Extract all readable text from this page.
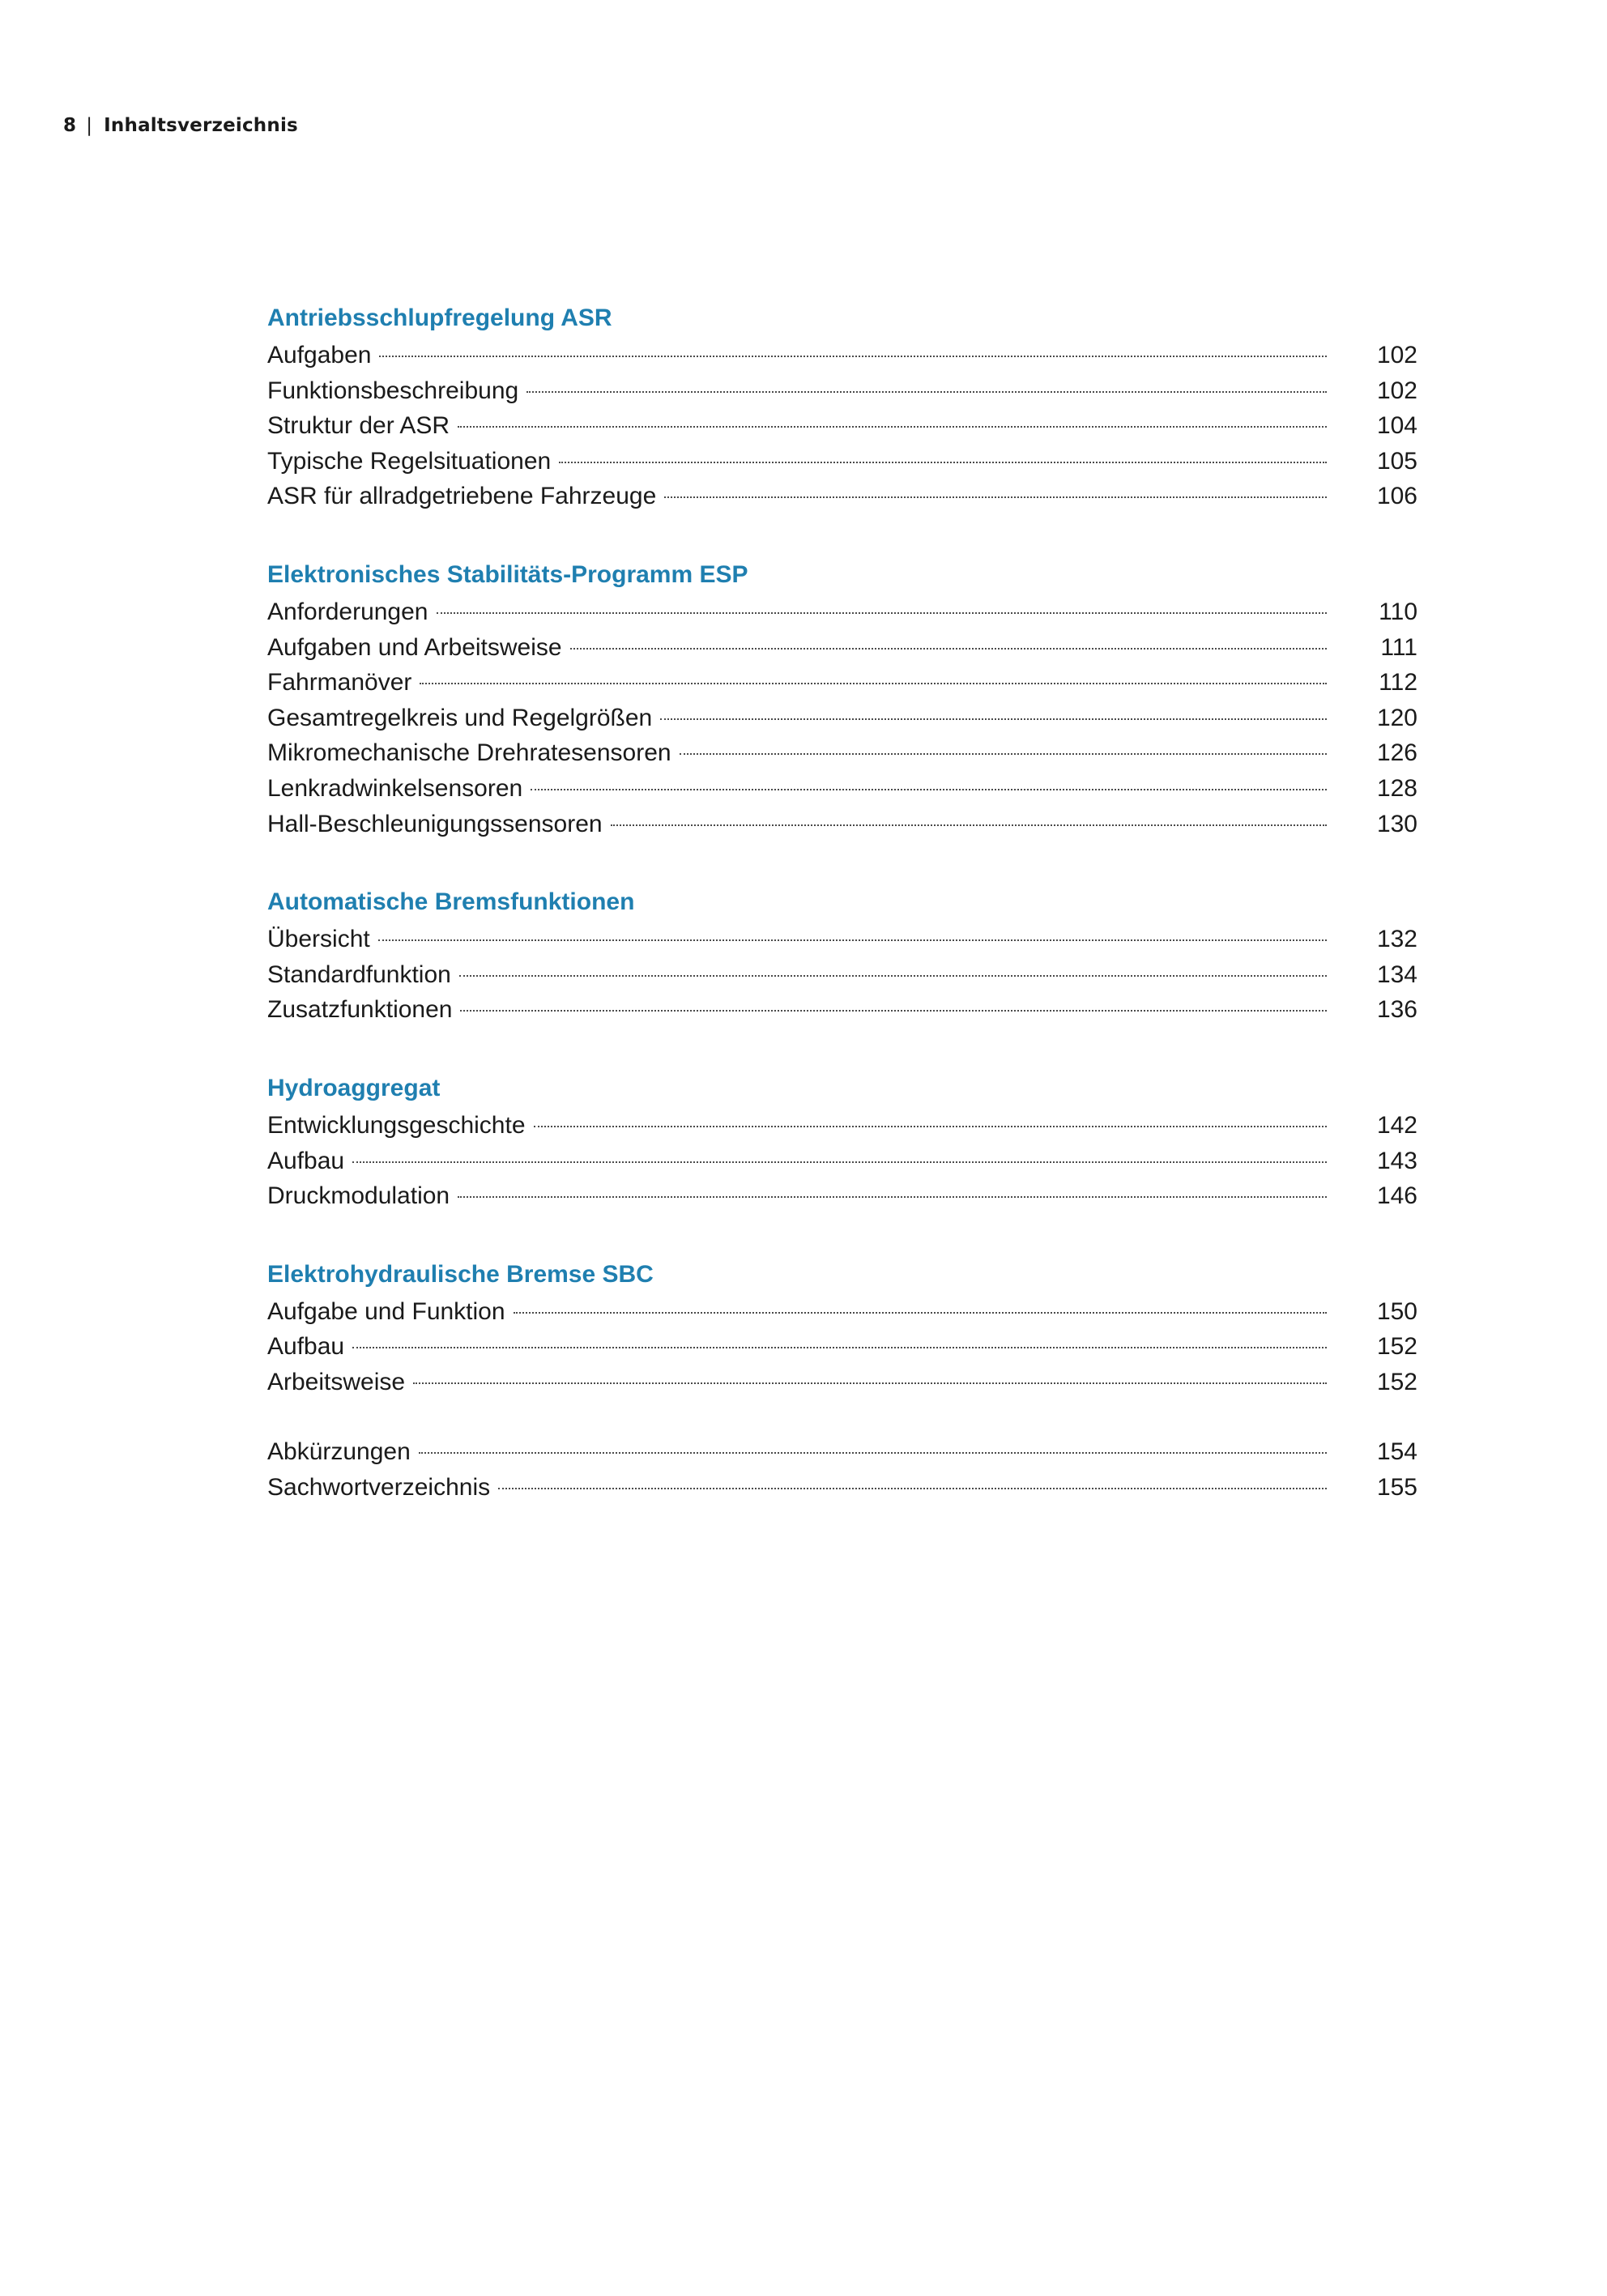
8 | Inhaltsverzeichnis
Antriebsschlupfregelung ASR
Aufgaben	102
Funktionsbeschreibung	102
Struktur der ASR	104
Typische Regelsituationen	105
ASR für allradgetriebene Fahrzeuge	106
Elektronisches Stabilitäts-Programm ESP
Anforderungen	110
Aufgaben und Arbeitsweise	111
Fahrmanöver	112
Gesamtregelkreis und Regelgrößen	120
Mikromechanische Drehratesensoren	126
Lenkradwinkelsensoren	128
Hall-Beschleunigungssensoren	130
Automatische Bremsfunktionen
Übersicht	132
Standardfunktion	134
Zusatzfunktionen	136
Hydroaggregat
Entwicklungsgeschichte	142
Aufbau	143
Druckmodulation	146
Elektrohydraulische Bremse SBC
Aufgabe und Funktion	150
Aufbau	152
Arbeitsweise	152
Abkürzungen	154
Sachwortverzeichnis	155
